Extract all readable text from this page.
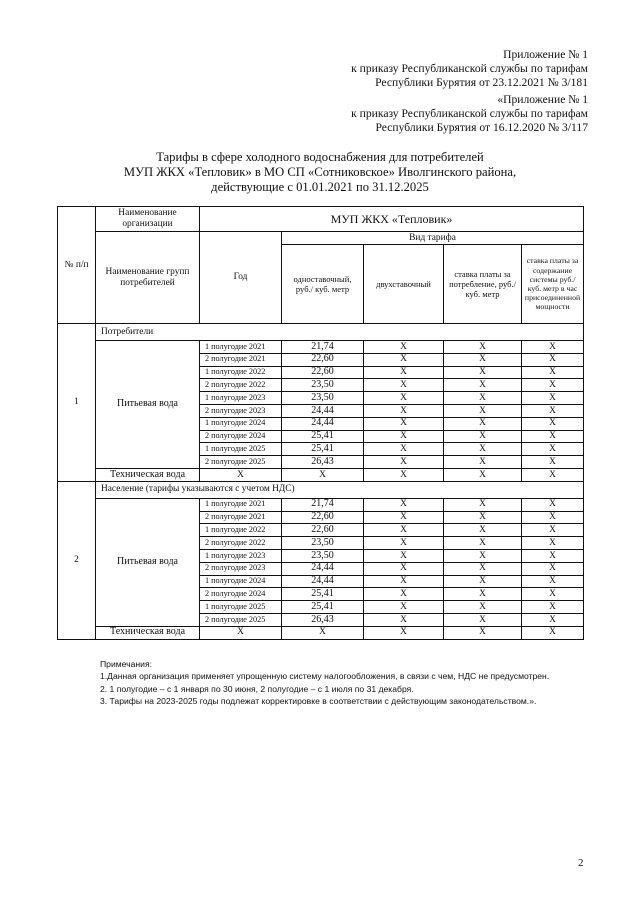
Приложение № 1
к приказу Республиканской службы по тарифам
Республики Бурятия от 23.12.2021 № 3/181
«Приложение № 1
к приказу Республиканской службы по тарифам
Республики Бурятия от 16.12.2020 № 3/117
Тарифы в сфере холодного водоснабжения для потребителей
МУП ЖКХ «Тепловик» в МО СП «Сотниковское» Иволгинского района,
действующие с 01.01.2021 по 31.12.2025
№ п/п	Наименование организации	МУП ЖКХ «Тепловик»				
	Наименование групп потребителей	Год	Вид тарифа			
			одноставочный, руб./ куб. метр	двухставочный	ставка платы за потребление, руб./ куб. метр	ставка платы за содержание системы руб./куб. метр в час присоединенной мощности
1	Потребители					
	Питьевая вода	1 полугодие 2021	21,74	X	X	X
		2 полугодие 2021	22,60	X	X	X
		1 полугодие 2022	22,60	X	X	X
		2 полугодие 2022	23,50	X	X	X
		1 полугодие 2023	23,50	X	X	X
		2 полугодие 2023	24,44	X	X	X
		1 полугодие 2024	24,44	X	X	X
		2 полугодие 2024	25,41	X	X	X
		1 полугодие 2025	25,41	X	X	X
		2 полугодие 2025	26,43	X	X	X
	Техническая вода	X	X	X	X	X
2	Население (тарифы указываются с учетом НДС)					
	Питьевая вода	1 полугодие 2021	21,74	X	X	X
		2 полугодие 2021	22,60	X	X	X
		1 полугодие 2022	22,60	X	X	X
		2 полугодие 2022	23,50	X	X	X
		1 полугодие 2023	23,50	X	X	X
		2 полугодие 2023	24,44	X	X	X
		1 полугодие 2024	24,44	X	X	X
		2 полугодие 2024	25,41	X	X	X
		1 полугодие 2025	25,41	X	X	X
		2 полугодие 2025	26,43	X	X	X
	Техническая вода	X	X	X	X	X
Примечания:
1.Данная организация применяет упрощенную систему налогообложения, в связи с чем, НДС не предусмотрен.
2. 1 полугодие – с 1 января по 30 июня, 2 полугодие – с 1 июля по 31 декабря.
3. Тарифы на 2023-2025 годы подлежат корректировке в соответствии с действующим законодательством.».
2
